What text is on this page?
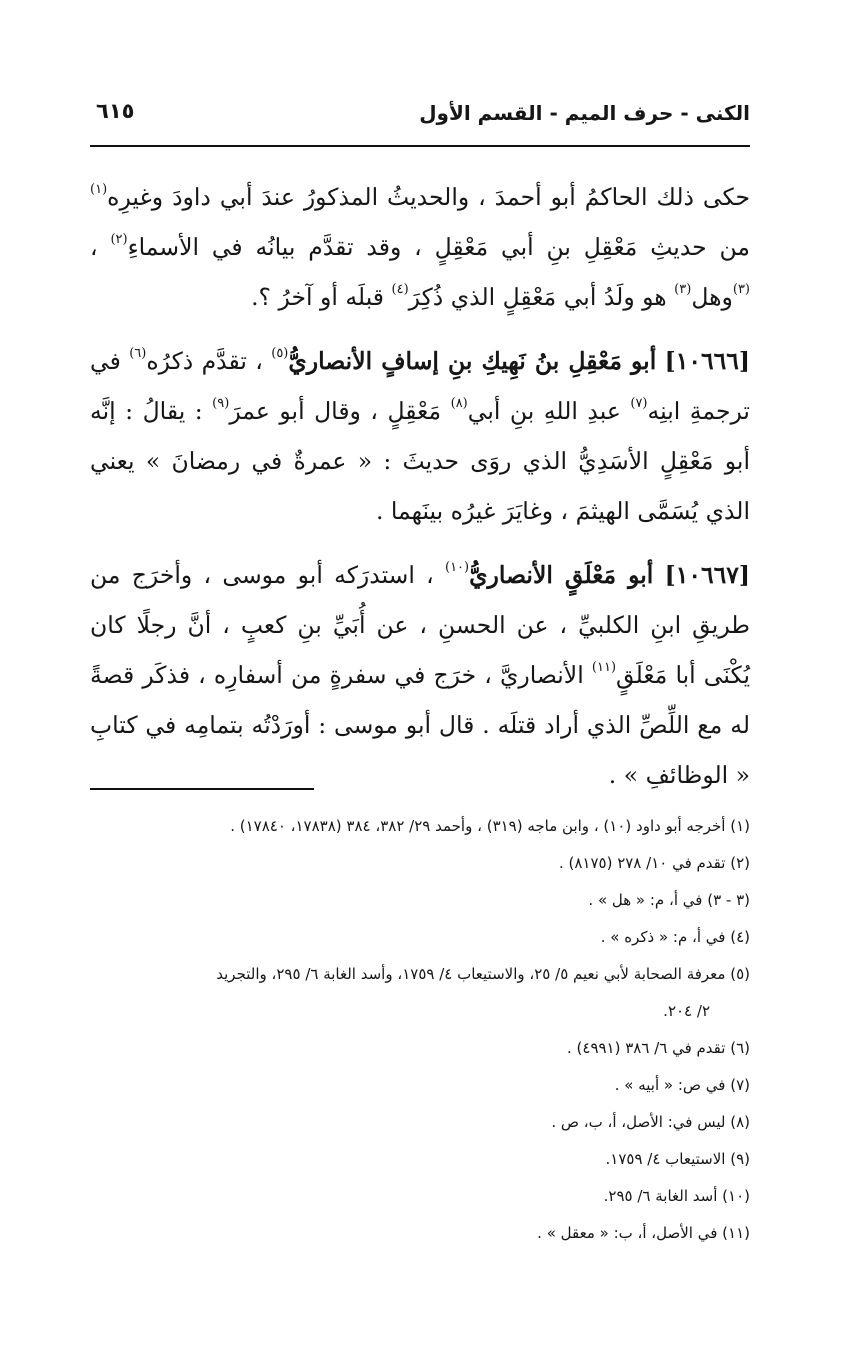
الكنى - حرف الميم - القسم الأول
٦١٥

حكى ذلك الحاكمُ أبو أحمدَ ، والحديثُ المذكورُ عندَ أبي داودَ وغيرِه$^{(١)}$ من حديثِ مَعْقِلِ بنِ أبي مَعْقِلٍ ، وقد تقدَّم بيانُه في الأسماءِ$^{(٢)}$ ، $^{(٣)}$وهل$^{(٣)}$ هو ولَدُ أبي مَعْقِلٍ الذي ذُكِرَ$^{(٤)}$ قبلَه أو آخرُ ؟.

[١٠٦٦٦] أبو مَعْقِلِ بنُ نَهِيكِ بنِ إسافٍ الأنصاريُّ$^{(٥)}$ ، تقدَّم ذكرُه$^{(٦)}$ في ترجمةِ ابنِه$^{(٧)}$ عبدِ اللهِ بنِ أبي$^{(٨)}$ مَعْقِلٍ ، وقال أبو عمرَ$^{(٩)}$ : يقالُ : إنَّه أبو مَعْقِلٍ الأسَدِيُّ الذي روَى حديثَ : « عمرةٌ في رمضانَ » يعني الذي يُسَمَّى الهيثمَ ، وغايَرَ غيرُه بينَهما .

[١٠٦٦٧] أبو مَعْلَقٍ الأنصاريُّ$^{(١٠)}$ ، استدرَكه أبو موسى ، وأخرَج من طريقِ ابنِ الكلبيِّ ، عن الحسنِ ، عن أُبَيِّ بنِ كعبٍ ، أنَّ رجلًا كان يُكْنَى أبا مَعْلَقٍ$^{(١١)}$ الأنصاريَّ ، خرَج في سفرةٍ من أسفارِه ، فذكَر قصةً له مع اللِّصِّ الذي أراد قتلَه . قال أبو موسى : أورَدْتُه بتمامِه في كتابِ « الوظائفِ » .

(١) أخرجه أبو داود (١٠) ، وابن ماجه (٣١٩) ، وأحمد ٢٩/ ٣٨٢، ٣٨٤ (١٧٨٣٨، ١٧٨٤٠) .

(٢) تقدم في ١٠/ ٢٧٨ (٨١٧٥) .

(٣ - ٣) في أ، م: « هل » .

(٤) في أ، م: « ذكره » .

(٥) معرفة الصحابة لأبي نعيم ٥/ ٢٥، والاستيعاب ٤/ ١٧٥٩، وأسد الغابة ٦/ ٢٩٥، والتجريد

٢/ ٢٠٤.

(٦) تقدم في ٦/ ٣٨٦ (٤٩٩١) .

(٧) في ص: « أبيه » .

(٨) ليس في: الأصل، أ، ب، ص .

(٩) الاستيعاب ٤/ ١٧٥٩.

(١٠) أسد الغابة ٦/ ٢٩٥.

(١١) في الأصل، أ، ب: « معقل » .
